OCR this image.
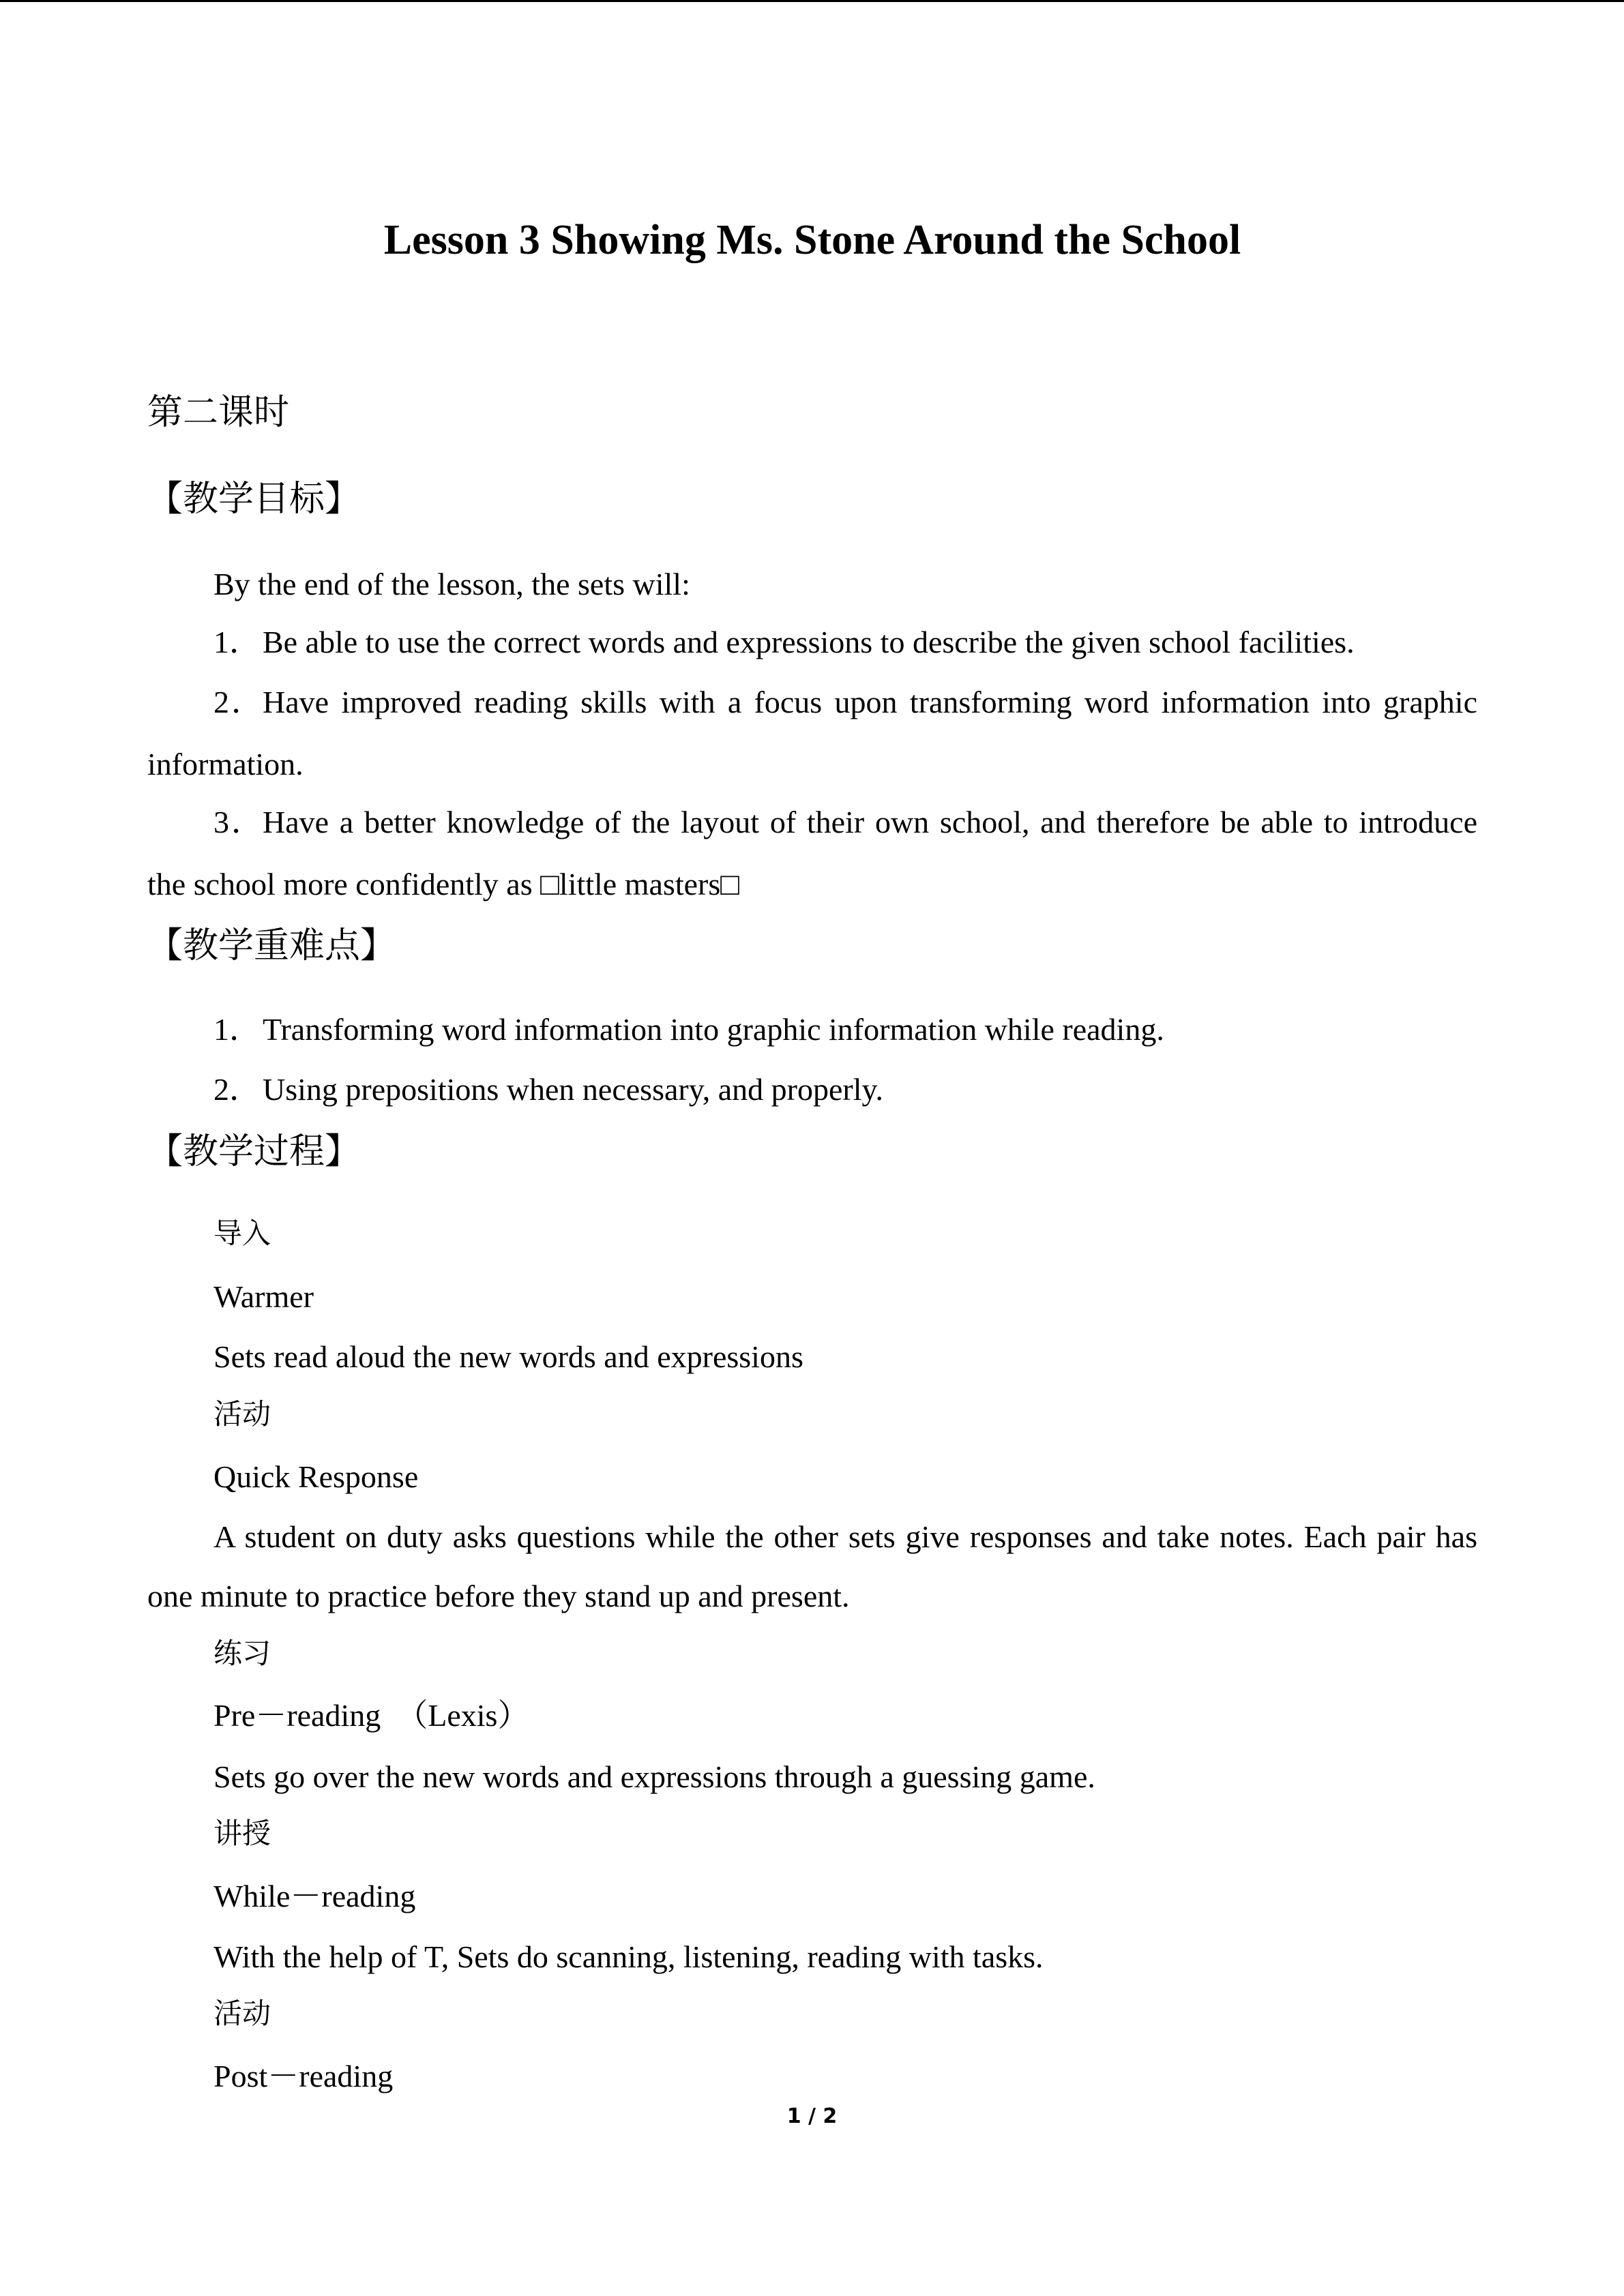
Lesson 3 Showing Ms. Stone Around the School
第二课时
【教学目标】
By the end of the lesson, the sets will:
1．Be able to use the correct words and expressions to describe the given school facilities.
2．Have improved reading skills with a focus upon transforming word information into graphic
information.
3．Have a better knowledge of the layout of their own school, and therefore be able to introduce
the school more confidently as □little masters□
【教学重难点】
1．Transforming word information into graphic information while reading.
2．Using prepositions when necessary, and properly.
【教学过程】
导入
Warmer
Sets read aloud the new words and expressions
活动
Quick Response
A student on duty asks questions while the other sets give responses and take notes. Each pair has
one minute to practice before they stand up and present.
练习
Pre－reading　（Lexis）
Sets go over the new words and expressions through a guessing game.
讲授
While－reading
With the help of T, Sets do scanning, listening, reading with tasks.
活动
Post－reading
1 / 2
